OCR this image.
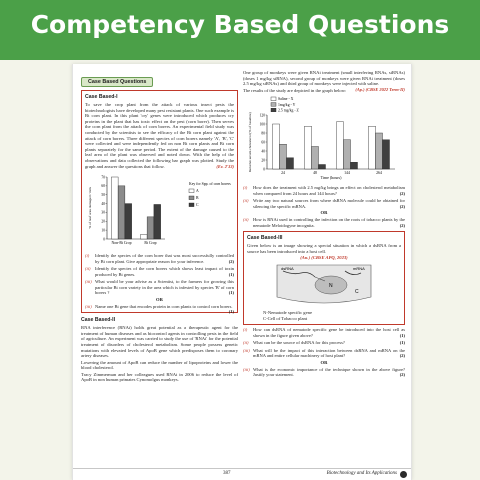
Competency Based Questions
Case Based Questions
Case Based-I
To save the crop plant from the attack of various insect pests the biotechnologists have developed many pest resistant plants. One such example is Bt corn plant. In this plant 'cry' genes were introduced which produces cry proteins in the plant that has toxic effect on the pest (corn borer). Then serves the corn plant from the attack of corn borers. An experimental field study was conducted by the scientists to see the efficacy of the Bt corn plant against the attack of corn borers. Three different species of corn borers namely 'A', 'B', 'C' were collected and were independently fed on non Bt corn plants and Bt corn plants separately for the same period. The extent of the damage caused to the leaf area of the plant was observed and noted down. With the help of the observations and data collected the following bar graph was plotted. Study the graph and answer the questions that follow.	(Ev. 2'33)
0
10
20
30
40
50
60
70
Non-Bt Crop	Bt Crop
% of leaf area damaged / mm
Key for Spp. of corn borers
A
B
C
(i) Identify the species of the corn borer that was most successfully controlled by Bt corn plant. Give appropriate reason for your inference.	(2)
(ii) Identify the species of the corn borers which shows least impact of toxin produced by Bt genes.	(1)
(iii) What would be your advise as a Scientist, to the farmers for growing this particular Bt corn variety in the area which is infested by species 'B' of corn borers ?	(1)
OR
(iii) Name one Bt gene that encodes protein in corn plants to control corn borers.
(1)
Case Based-II
RNA interference (RNAi) holds great potential as a therapeutic agent for the treatment of human diseases and as biocontrol agents in controlling pests in the field of agriculture. An experiment was carried to study the use of 'RNAi' for the potential treatment of disorders of cholesterol metabolism. Some people possess genetic mutations with elevated levels of ApoB gene which predisposes them to coronary artery diseases.
Lowering the amount of ApoB can reduce the number of lipoproteins and lower the blood cholesterol.
Tracy Zimmerman and her colleagues used RNAi in 2006 to reduce the level of ApoB in non human primates Cynomolgus monkeys.
One group of monkeys were given RNAi treatment (small interfering RNAs, siRNAs) (doses 1 mg/kg siRNA), second group of monkeys were given RNAi treatment (doses 2.5 mg/kg siRNAs) and third group of monkeys were injected with saline.
(Ap.) (CBSE 2022 Term-II)
The results of the study are depicted in the graph below:
0
20
40
60
80
100
120
24	48	144	264
Relative serum cholesterol (% of baseline)
Time (hours)
Saline - X
1mg/kg - Y
2.5 mg/kg - Z
(i) How does the treatment with 2.5 mg/kg brings an effect on cholesterol metabolism when compared from 24 hours and 144 hours?	(2)
(ii) Write any two natural sources from where dsRNA molecule could be obtained for silencing the specific mRNA.	(2)
OR
(ii) How is RNAi used in controlling the infection on the roots of tobacco plants by the nematode Meloidogyne incognita.	(2)
Case Based-III
Given below is an image showing a special situation in which a dsRNA from a source has been introduced into a host cell.
(An.) (CBSE APQ, 2023)
dsRNA
N
C
mRNA
N-Nematode specific gene
C-Cell of Tobacco plant
(i) How can dsRNA of nematode specific gene be introduced into the host cell as shown in the figure given above?	(1)
(ii) What can be the source of dsRNA for this process?	(1)
(iii) What will be the impact of this interaction between dsRNA and mRNA on the mRNA and entire cellular machinery of host plant?	(2)
OR
(iii) What is the economic importance of the technique shown in the above figure? Justify your statement.	(2)
387	Biotechnology and Its Applications
